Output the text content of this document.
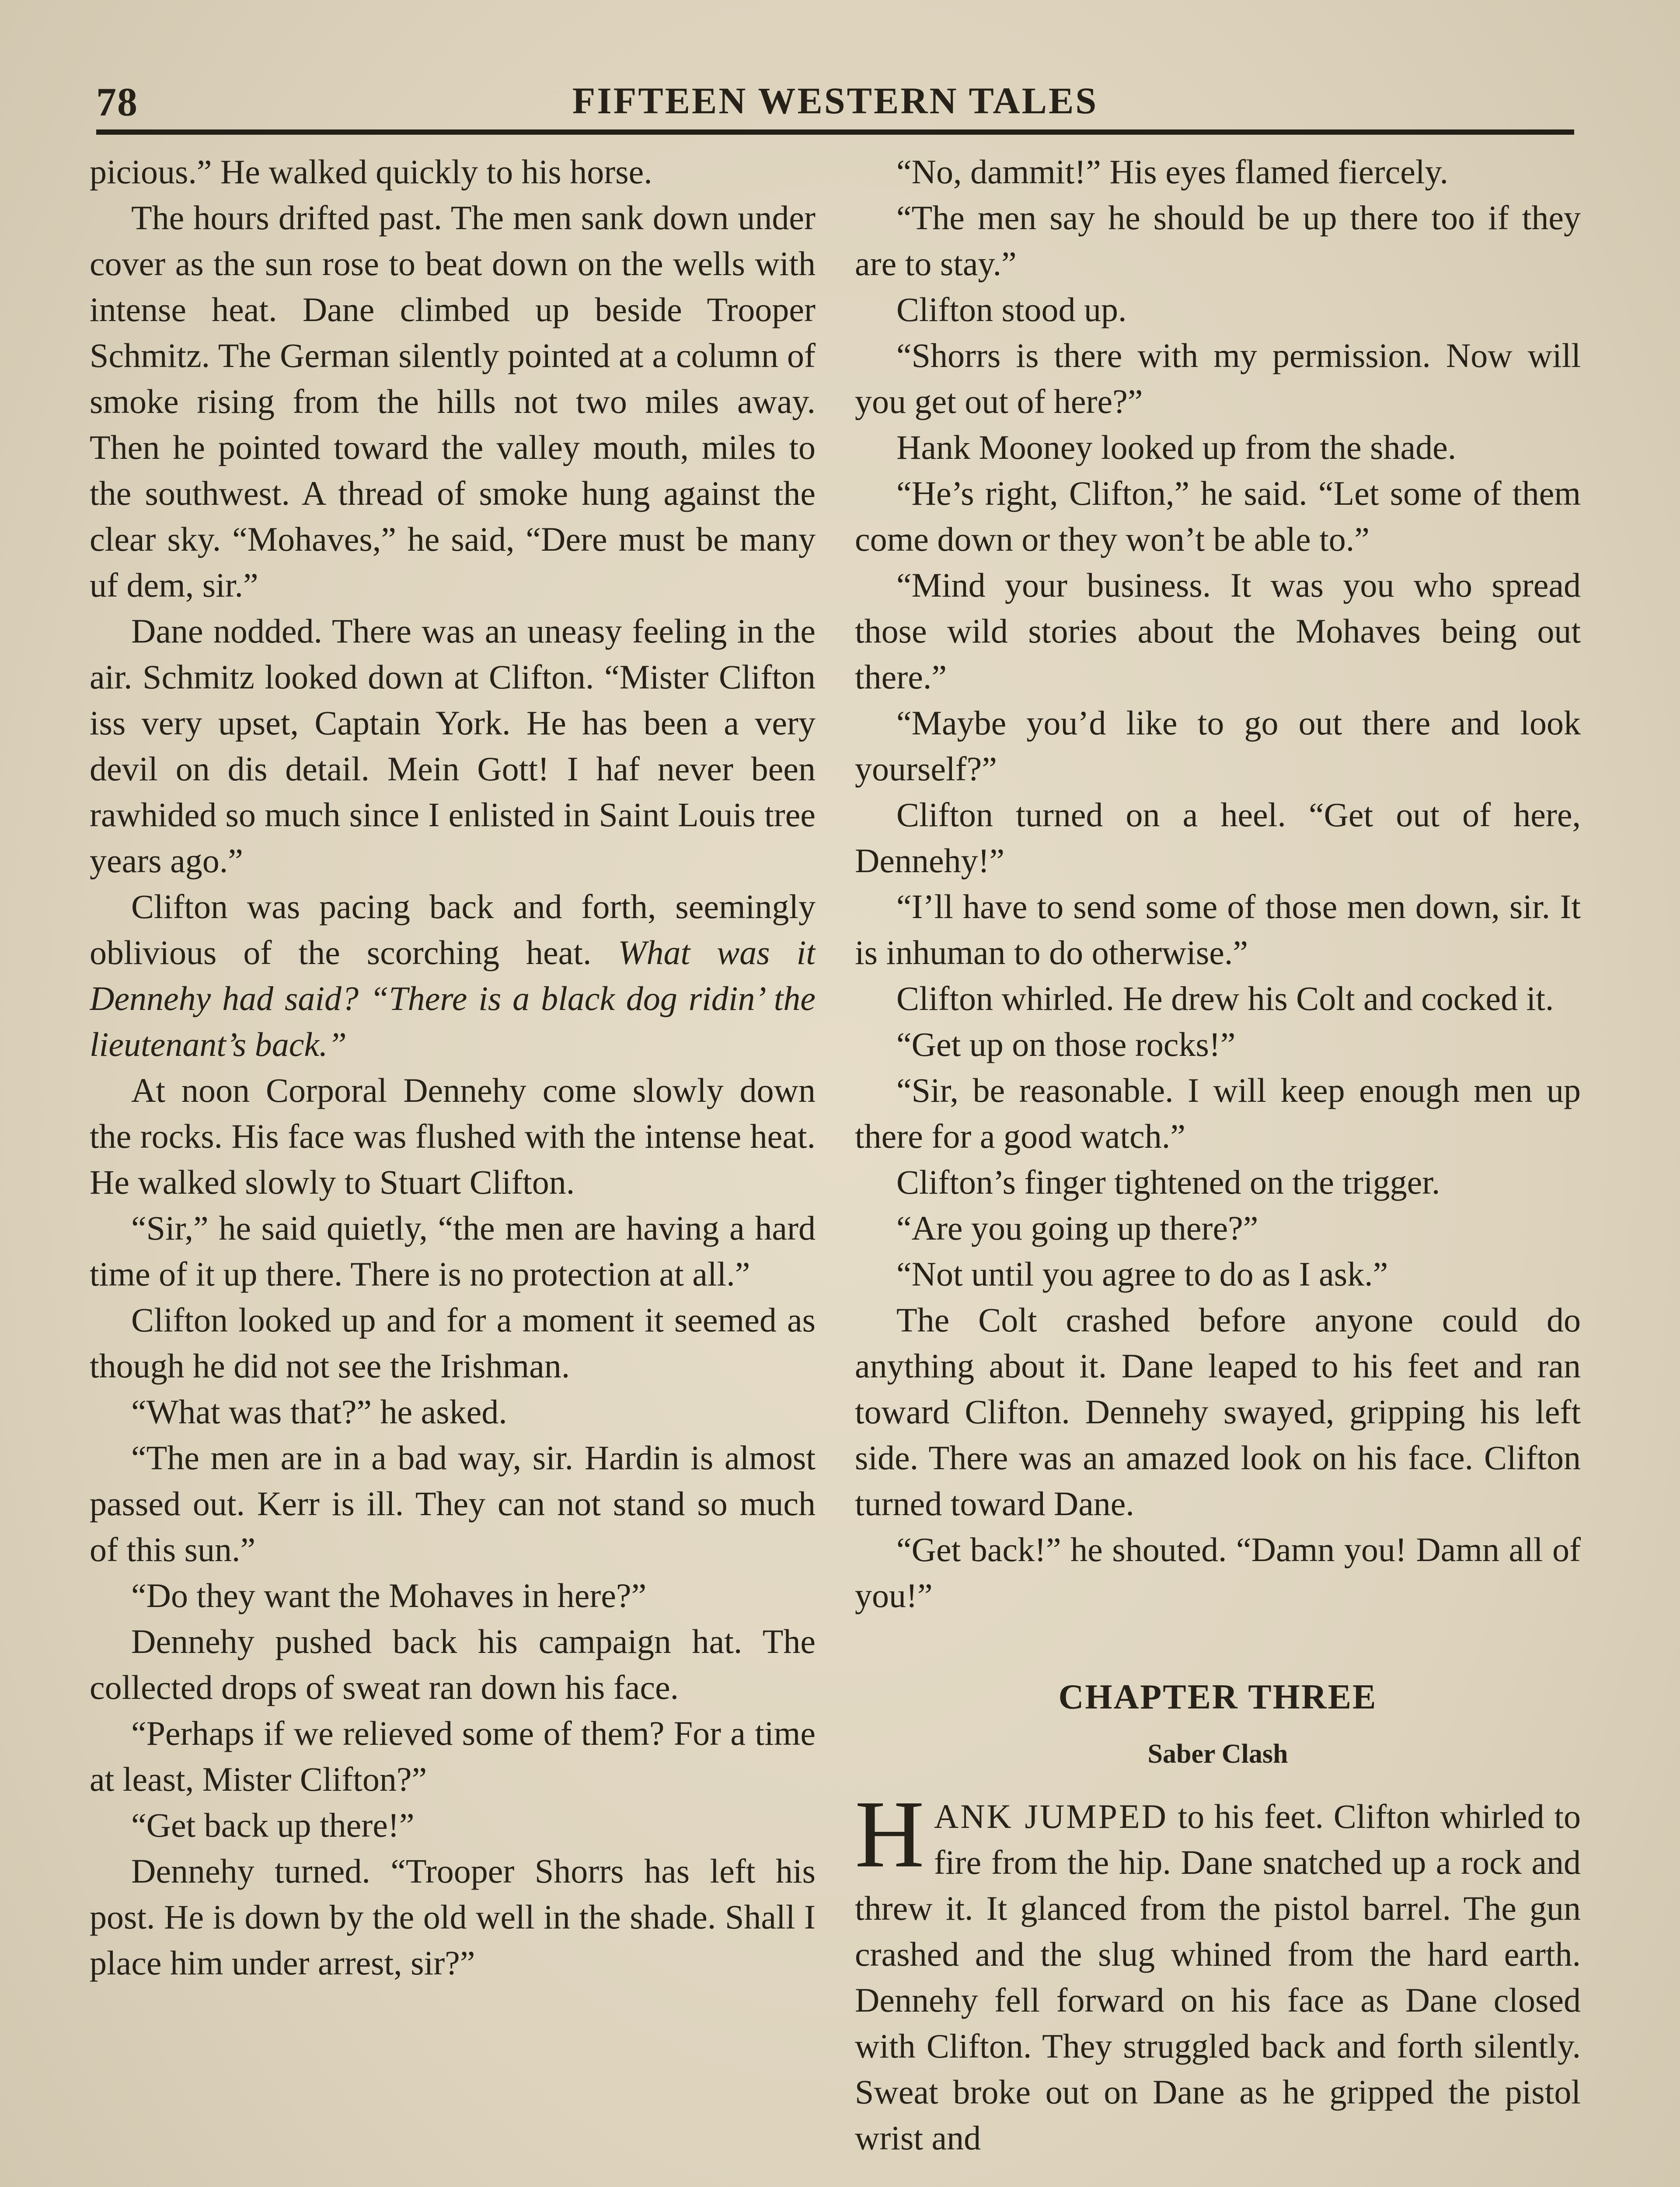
78	FIFTEEN WESTERN TALES

picious.” He walked quickly to his horse.

The hours drifted past. The men sank down under cover as the sun rose to beat down on the wells with intense heat. Dane climbed up beside Trooper Schmitz. The German silently pointed at a column of smoke rising from the hills not two miles away. Then he pointed toward the valley mouth, miles to the southwest. A thread of smoke hung against the clear sky. “Mohaves,” he said, “Dere must be many uf dem, sir.”

Dane nodded. There was an uneasy feeling in the air. Schmitz looked down at Clifton. “Mister Clifton iss very upset, Captain York. He has been a very devil on dis detail. Mein Gott! I haf never been rawhided so much since I enlisted in Saint Louis tree years ago.”

Clifton was pacing back and forth, seemingly oblivious of the scorching heat. What was it Dennehy had said? “There is a black dog ridin’ the lieutenant’s back.”

At noon Corporal Dennehy come slowly down the rocks. His face was flushed with the intense heat. He walked slowly to Stuart Clifton.

“Sir,” he said quietly, “the men are having a hard time of it up there. There is no protection at all.”

Clifton looked up and for a moment it seemed as though he did not see the Irishman.

“What was that?” he asked.

“The men are in a bad way, sir. Hardin is almost passed out. Kerr is ill. They can not stand so much of this sun.”

“Do they want the Mohaves in here?”

Dennehy pushed back his campaign hat. The collected drops of sweat ran down his face.

“Perhaps if we relieved some of them? For a time at least, Mister Clifton?”

“Get back up there!”

Dennehy turned. “Trooper Shorrs has left his post. He is down by the old well in the shade. Shall I place him under arrest, sir?”

“No, dammit!” His eyes flamed fiercely.

“The men say he should be up there too if they are to stay.”

Clifton stood up.

“Shorrs is there with my permission. Now will you get out of here?”

Hank Mooney looked up from the shade.

“He’s right, Clifton,” he said. “Let some of them come down or they won’t be able to.”

“Mind your business. It was you who spread those wild stories about the Mohaves being out there.”

“Maybe you’d like to go out there and look yourself?”

Clifton turned on a heel. “Get out of here, Dennehy!”

“I’ll have to send some of those men down, sir. It is inhuman to do otherwise.”

Clifton whirled. He drew his Colt and cocked it.

“Get up on those rocks!”

“Sir, be reasonable. I will keep enough men up there for a good watch.”

Clifton’s finger tightened on the trigger.

“Are you going up there?”

“Not until you agree to do as I ask.”

The Colt crashed before anyone could do anything about it. Dane leaped to his feet and ran toward Clifton. Dennehy swayed, gripping his left side. There was an amazed look on his face. Clifton turned toward Dane.

“Get back!” he shouted. “Damn you! Damn all of you!”

CHAPTER THREE
Saber Clash

HANK JUMPED to his feet. Clifton whirled to fire from the hip. Dane snatched up a rock and threw it. It glanced from the pistol barrel. The gun crashed and the slug whined from the hard earth. Dennehy fell forward on his face as Dane closed with Clifton. They struggled back and forth silently. Sweat broke out on Dane as he gripped the pistol wrist and
